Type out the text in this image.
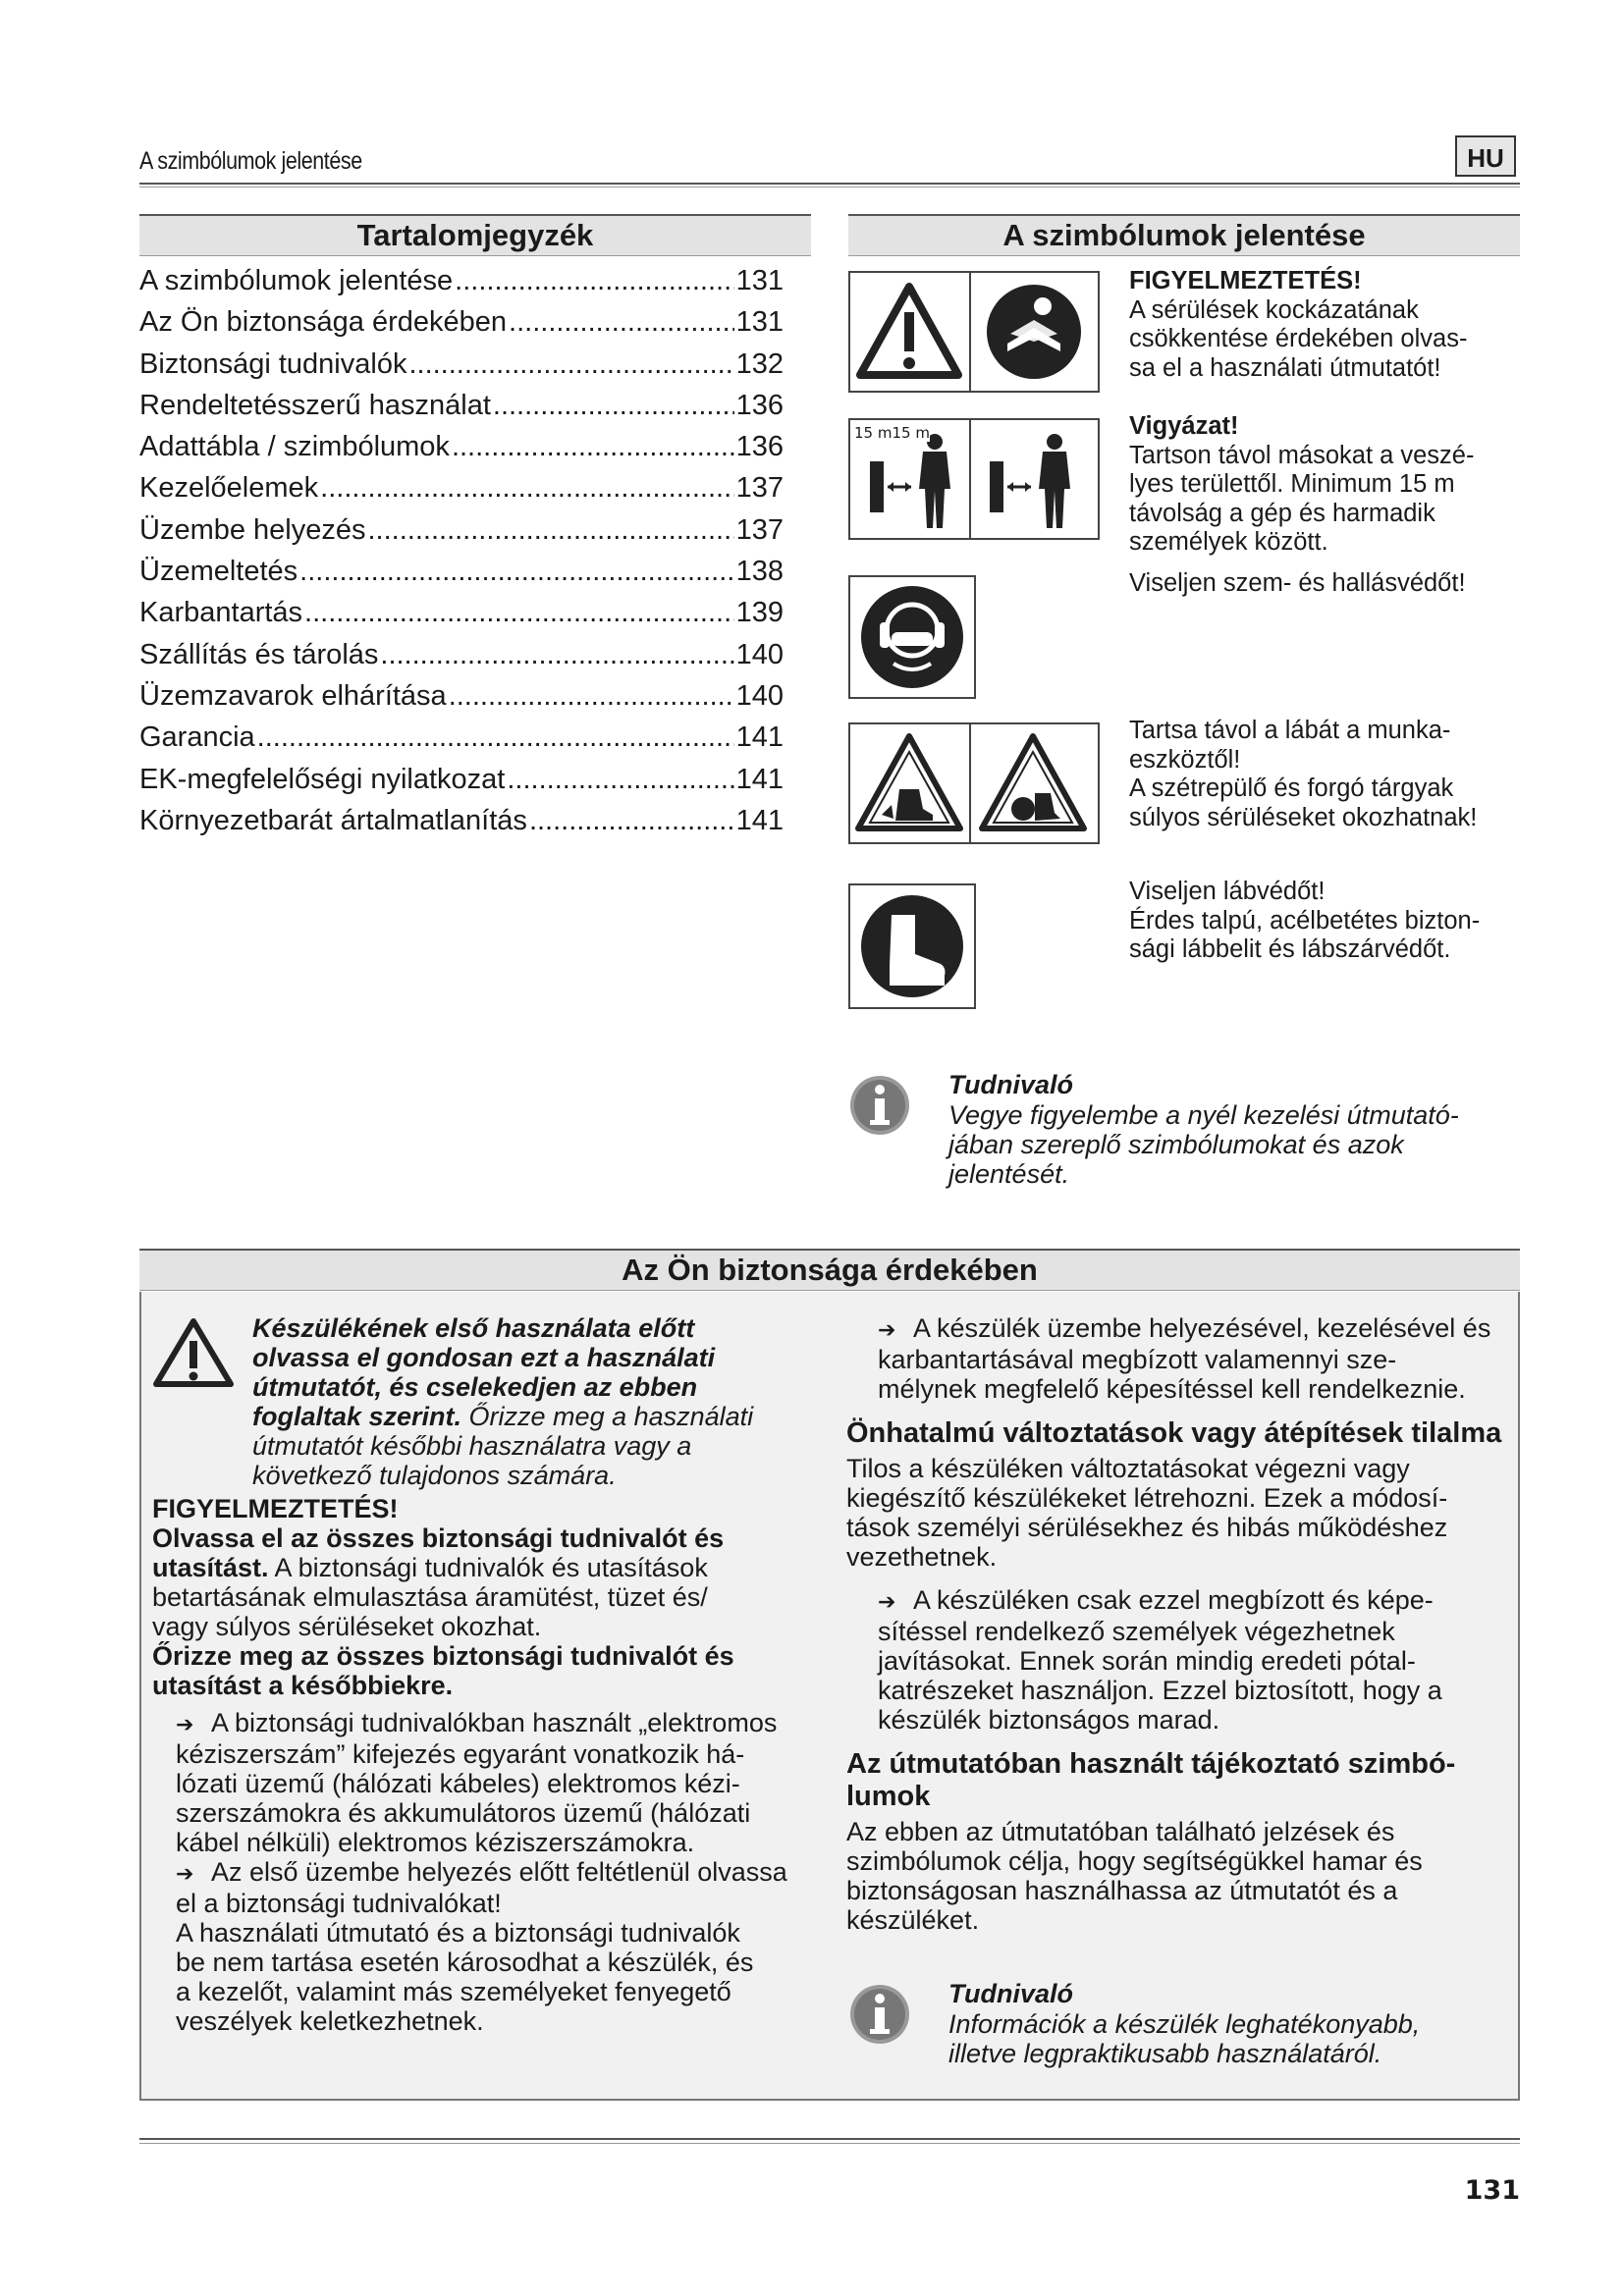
A szimbólumok jelentése	HU
Tartalomjegyzék
A szimbólumok jelentése .....	131
Az Ön biztonsága érdekében .....	131
Biztonsági tudnivalók .....	132
Rendeltetésszerű használat .....	136
Adattábla / szimbólumok .....	136
Kezelőelemek .....	137
Üzembe helyezés .....	137
Üzemeltetés .....	138
Karbantartás .....	139
Szállítás és tárolás .....	140
Üzemzavarok elhárítása .....	140
Garancia .....	141
EK-megfelelőségi nyilatkozat .....	141
Környezetbarát ártalmatlanítás .....	141
A szimbólumok jelentése
FIGYELMEZTETÉS!
A sérülések kockázatának
csökkentése érdekében olvas-
sa el a használati útmutatót!
15 m15 m	Vigyázat!
Tartson távol másokat a veszé-
lyes területtől. Minimum 15 m
távolság a gép és harmadik
személyek között.
Viseljen szem- és hallásvédőt!
Tartsa távol a lábát a munka-
eszköztől!
A szétrepülő és forgó tárgyak
súlyos sérüléseket okozhatnak!
Viseljen lábvédőt!
Érdes talpú, acélbetétes bizton-
sági lábbelit és lábszárvédőt.
Tudnivaló
Vegye figyelembe a nyél kezelési útmutató-
jában szereplő szimbólumokat és azok
jelentését.
Az Ön biztonsága érdekében
Készülékének első használata előtt
olvassa el gondosan ezt a használati
útmutatót, és cselekedjen az ebben
foglaltak szerint. Őrizze meg a használati
útmutatót későbbi használatra vagy a
következő tulajdonos számára.
FIGYELMEZTETÉS!
Olvassa el az összes biztonsági tudnivalót és
utasítást. A biztonsági tudnivalók és utasítások
betartásának elmulasztása áramütést, tüzet és/
vagy súlyos sérüléseket okozhat.
Őrizze meg az összes biztonsági tudnivalót és
utasítást a későbbiekre.
➔ A biztonsági tudnivalókban használt „elektromos
kéziszerszám” kifejezés egyaránt vonatkozik há-
lózati üzemű (hálózati kábeles) elektromos kézi-
szerszámokra és akkumulátoros üzemű (hálózati
kábel nélküli) elektromos kéziszerszámokra.
➔ Az első üzembe helyezés előtt feltétlenül olvassa
el a biztonsági tudnivalókat!
A használati útmutató és a biztonsági tudnivalók
be nem tartása esetén károsodhat a készülék, és
a kezelőt, valamint más személyeket fenyegető
veszélyek keletkezhetnek.
➔ A készülék üzembe helyezésével, kezelésével és
karbantartásával megbízott valamennyi sze-
mélynek megfelelő képesítéssel kell rendelkeznie.
Önhatalmú változtatások vagy átépítések tilalma
Tilos a készüléken változtatásokat végezni vagy
kiegészítő készülékeket létrehozni. Ezek a módosí-
tások személyi sérülésekhez és hibás működéshez
vezethetnek.
➔ A készüléken csak ezzel megbízott és képe-
sítéssel rendelkező személyek végezhetnek
javításokat. Ennek során mindig eredeti pótal-
katrészeket használjon. Ezzel biztosított, hogy a
készülék biztonságos marad.
Az útmutatóban használt tájékoztató szimbó-
lumok
Az ebben az útmutatóban található jelzések és
szimbólumok célja, hogy segítségükkel hamar és
biztonságosan használhassa az útmutatót és a
készüléket.
Tudnivaló
Információk a készülék leghatékonyabb,
illetve legpraktikusabb használatáról.
131
